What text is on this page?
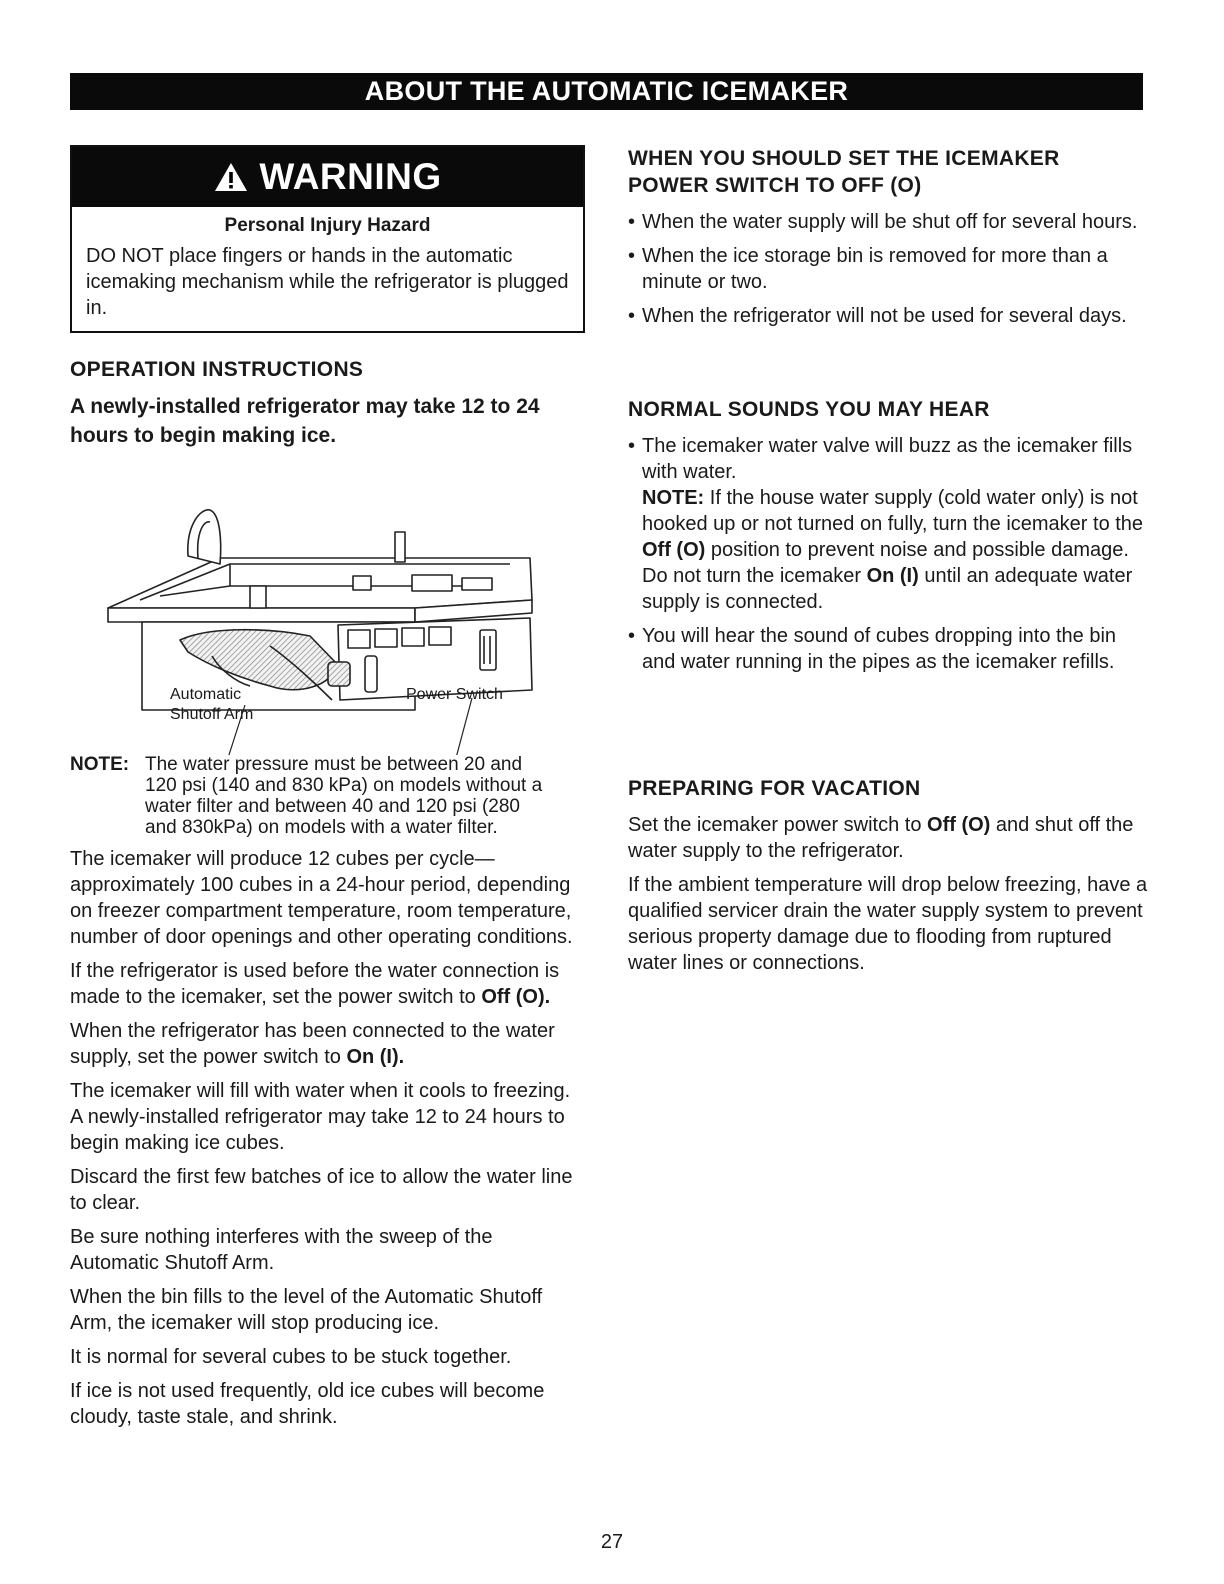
ABOUT THE AUTOMATIC ICEMAKER
WARNING
Personal Injury Hazard
DO NOT place fingers or hands in the automatic icemaking mechanism while the refrigerator is plugged in.
OPERATION INSTRUCTIONS
A newly-installed refrigerator may take 12 to 24 hours to begin making ice.
Automatic Shutoff Arm
Power Switch
NOTE: The water pressure must be between 20 and 120 psi (140 and 830 kPa) on models without a water filter and between 40 and 120 psi (280 and 830kPa) on models with a water filter.

The icemaker will produce 12 cubes per cycle—approximately 100 cubes in a 24-hour period, depending on freezer compartment temperature, room temperature, number of door openings and other operating conditions.

If the refrigerator is used before the water connection is made to the icemaker, set the power switch to Off (O).

When the refrigerator has been connected to the water supply, set the power switch to On (I).

The icemaker will fill with water when it cools to freezing. A newly-installed refrigerator may take 12 to 24 hours to begin making ice cubes.

Discard the first few batches of ice to allow the water line to clear.

Be sure nothing interferes with the sweep of the Automatic Shutoff Arm.

When the bin fills to the level of the Automatic Shutoff Arm, the icemaker will stop producing ice.

It is normal for several cubes to be stuck together.

If ice is not used frequently, old ice cubes will become cloudy, taste stale, and shrink.

WHEN YOU SHOULD SET THE ICEMAKER POWER SWITCH TO OFF (O)
• When the water supply will be shut off for several hours.
• When the ice storage bin is removed for more than a minute or two.
• When the refrigerator will not be used for several days.
NORMAL SOUNDS YOU MAY HEAR
• The icemaker water valve will buzz as the icemaker fills with water.
NOTE: If the house water supply (cold water only) is not hooked up or not turned on fully, turn the icemaker to the Off (O) position to prevent noise and possible damage. Do not turn the icemaker On (I) until an adequate water supply is connected.
• You will hear the sound of cubes dropping into the bin and water running in the pipes as the icemaker refills.
PREPARING FOR VACATION

Set the icemaker power switch to Off (O) and shut off the water supply to the refrigerator.

If the ambient temperature will drop below freezing, have a qualified servicer drain the water supply system to prevent serious property damage due to flooding from ruptured water lines or connections.

27
